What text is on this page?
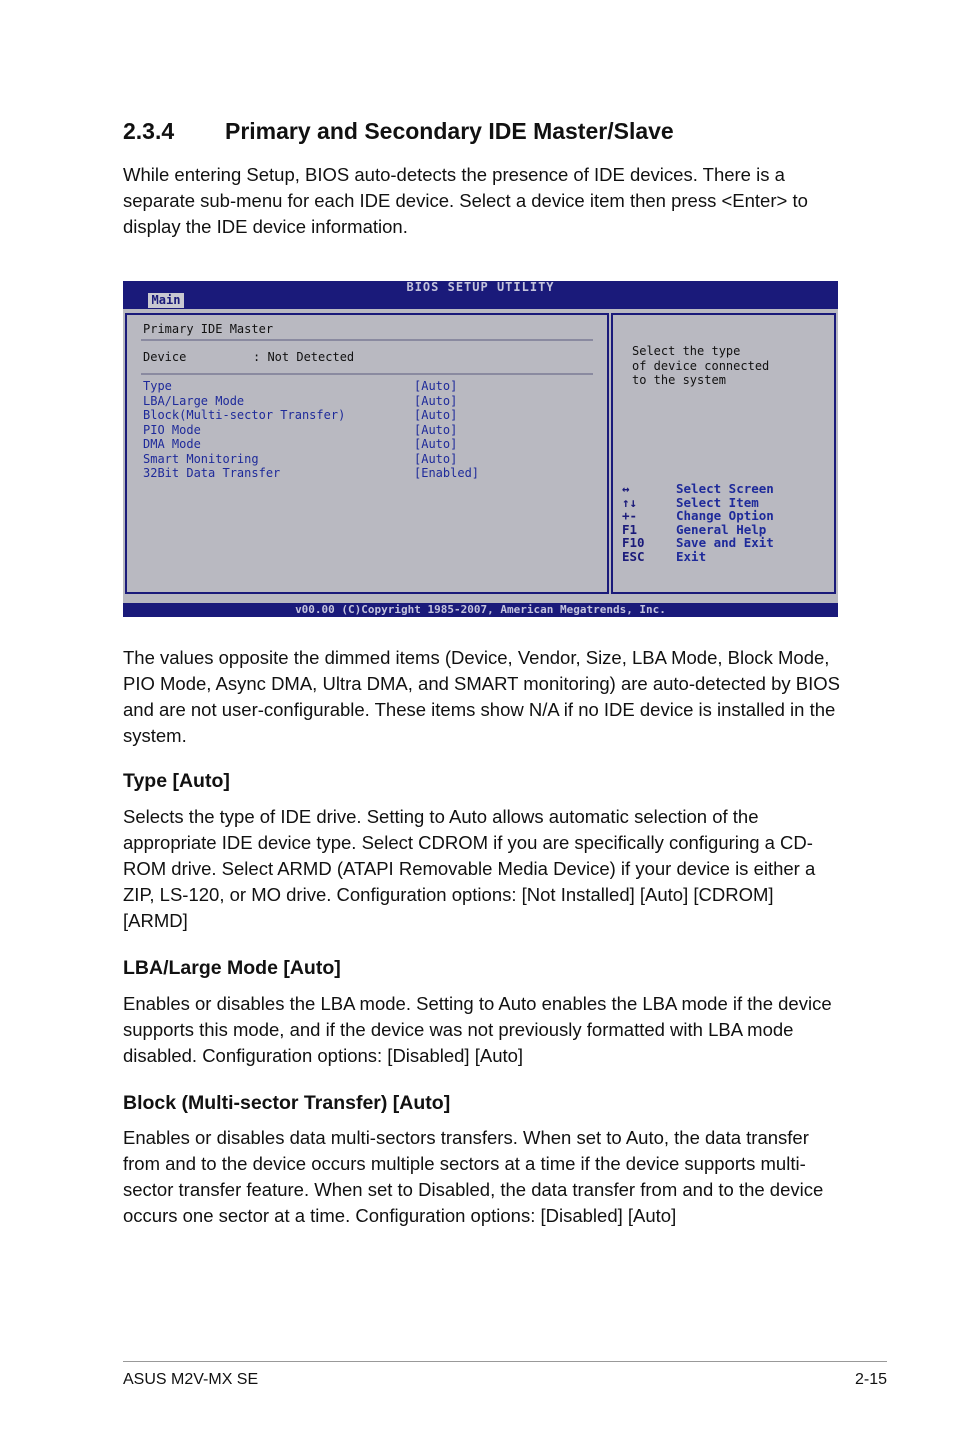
2.3.4 Primary and Secondary IDE Master/Slave

While entering Setup, BIOS auto-detects the presence of IDE devices. There is a separate sub-menu for each IDE device. Select a device item then press <Enter> to display the IDE device information.

BIOS SETUP UTILITY
Main
Primary IDE Master
Device	: Not Detected
Type	[Auto]
LBA/Large Mode	[Auto]
Block(Multi-sector Transfer)	[Auto]
PIO Mode	[Auto]
DMA Mode	[Auto]
Smart Monitoring	[Auto]
32Bit Data Transfer	[Enabled]
Select the type
of device connected
to the system
↔	Select Screen
↑↓	Select Item
+-	Change Option
F1	General Help
F10	Save and Exit
ESC	Exit
v00.00 (C)Copyright 1985-2007, American Megatrends, Inc.

The values opposite the dimmed items (Device, Vendor, Size, LBA Mode, Block Mode, PIO Mode, Async DMA, Ultra DMA, and SMART monitoring) are auto-detected by BIOS and are not user-configurable. These items show N/A if no IDE device is installed in the system.

Type [Auto]

Selects the type of IDE drive. Setting to Auto allows automatic selection of the appropriate IDE device type. Select CDROM if you are specifically configuring a CD-ROM drive. Select ARMD (ATAPI Removable Media Device) if your device is either a ZIP, LS-120, or MO drive. Configuration options: [Not Installed] [Auto] [CDROM] [ARMD]

LBA/Large Mode [Auto]

Enables or disables the LBA mode. Setting to Auto enables the LBA mode if the device supports this mode, and if the device was not previously formatted with LBA mode disabled. Configuration options: [Disabled] [Auto]

Block (Multi-sector Transfer) [Auto]

Enables or disables data multi-sectors transfers. When set to Auto, the data transfer from and to the device occurs multiple sectors at a time if the device supports multi-sector transfer feature. When set to Disabled, the data transfer from and to the device occurs one sector at a time. Configuration options: [Disabled] [Auto]

ASUS M2V-MX SE	2-15
